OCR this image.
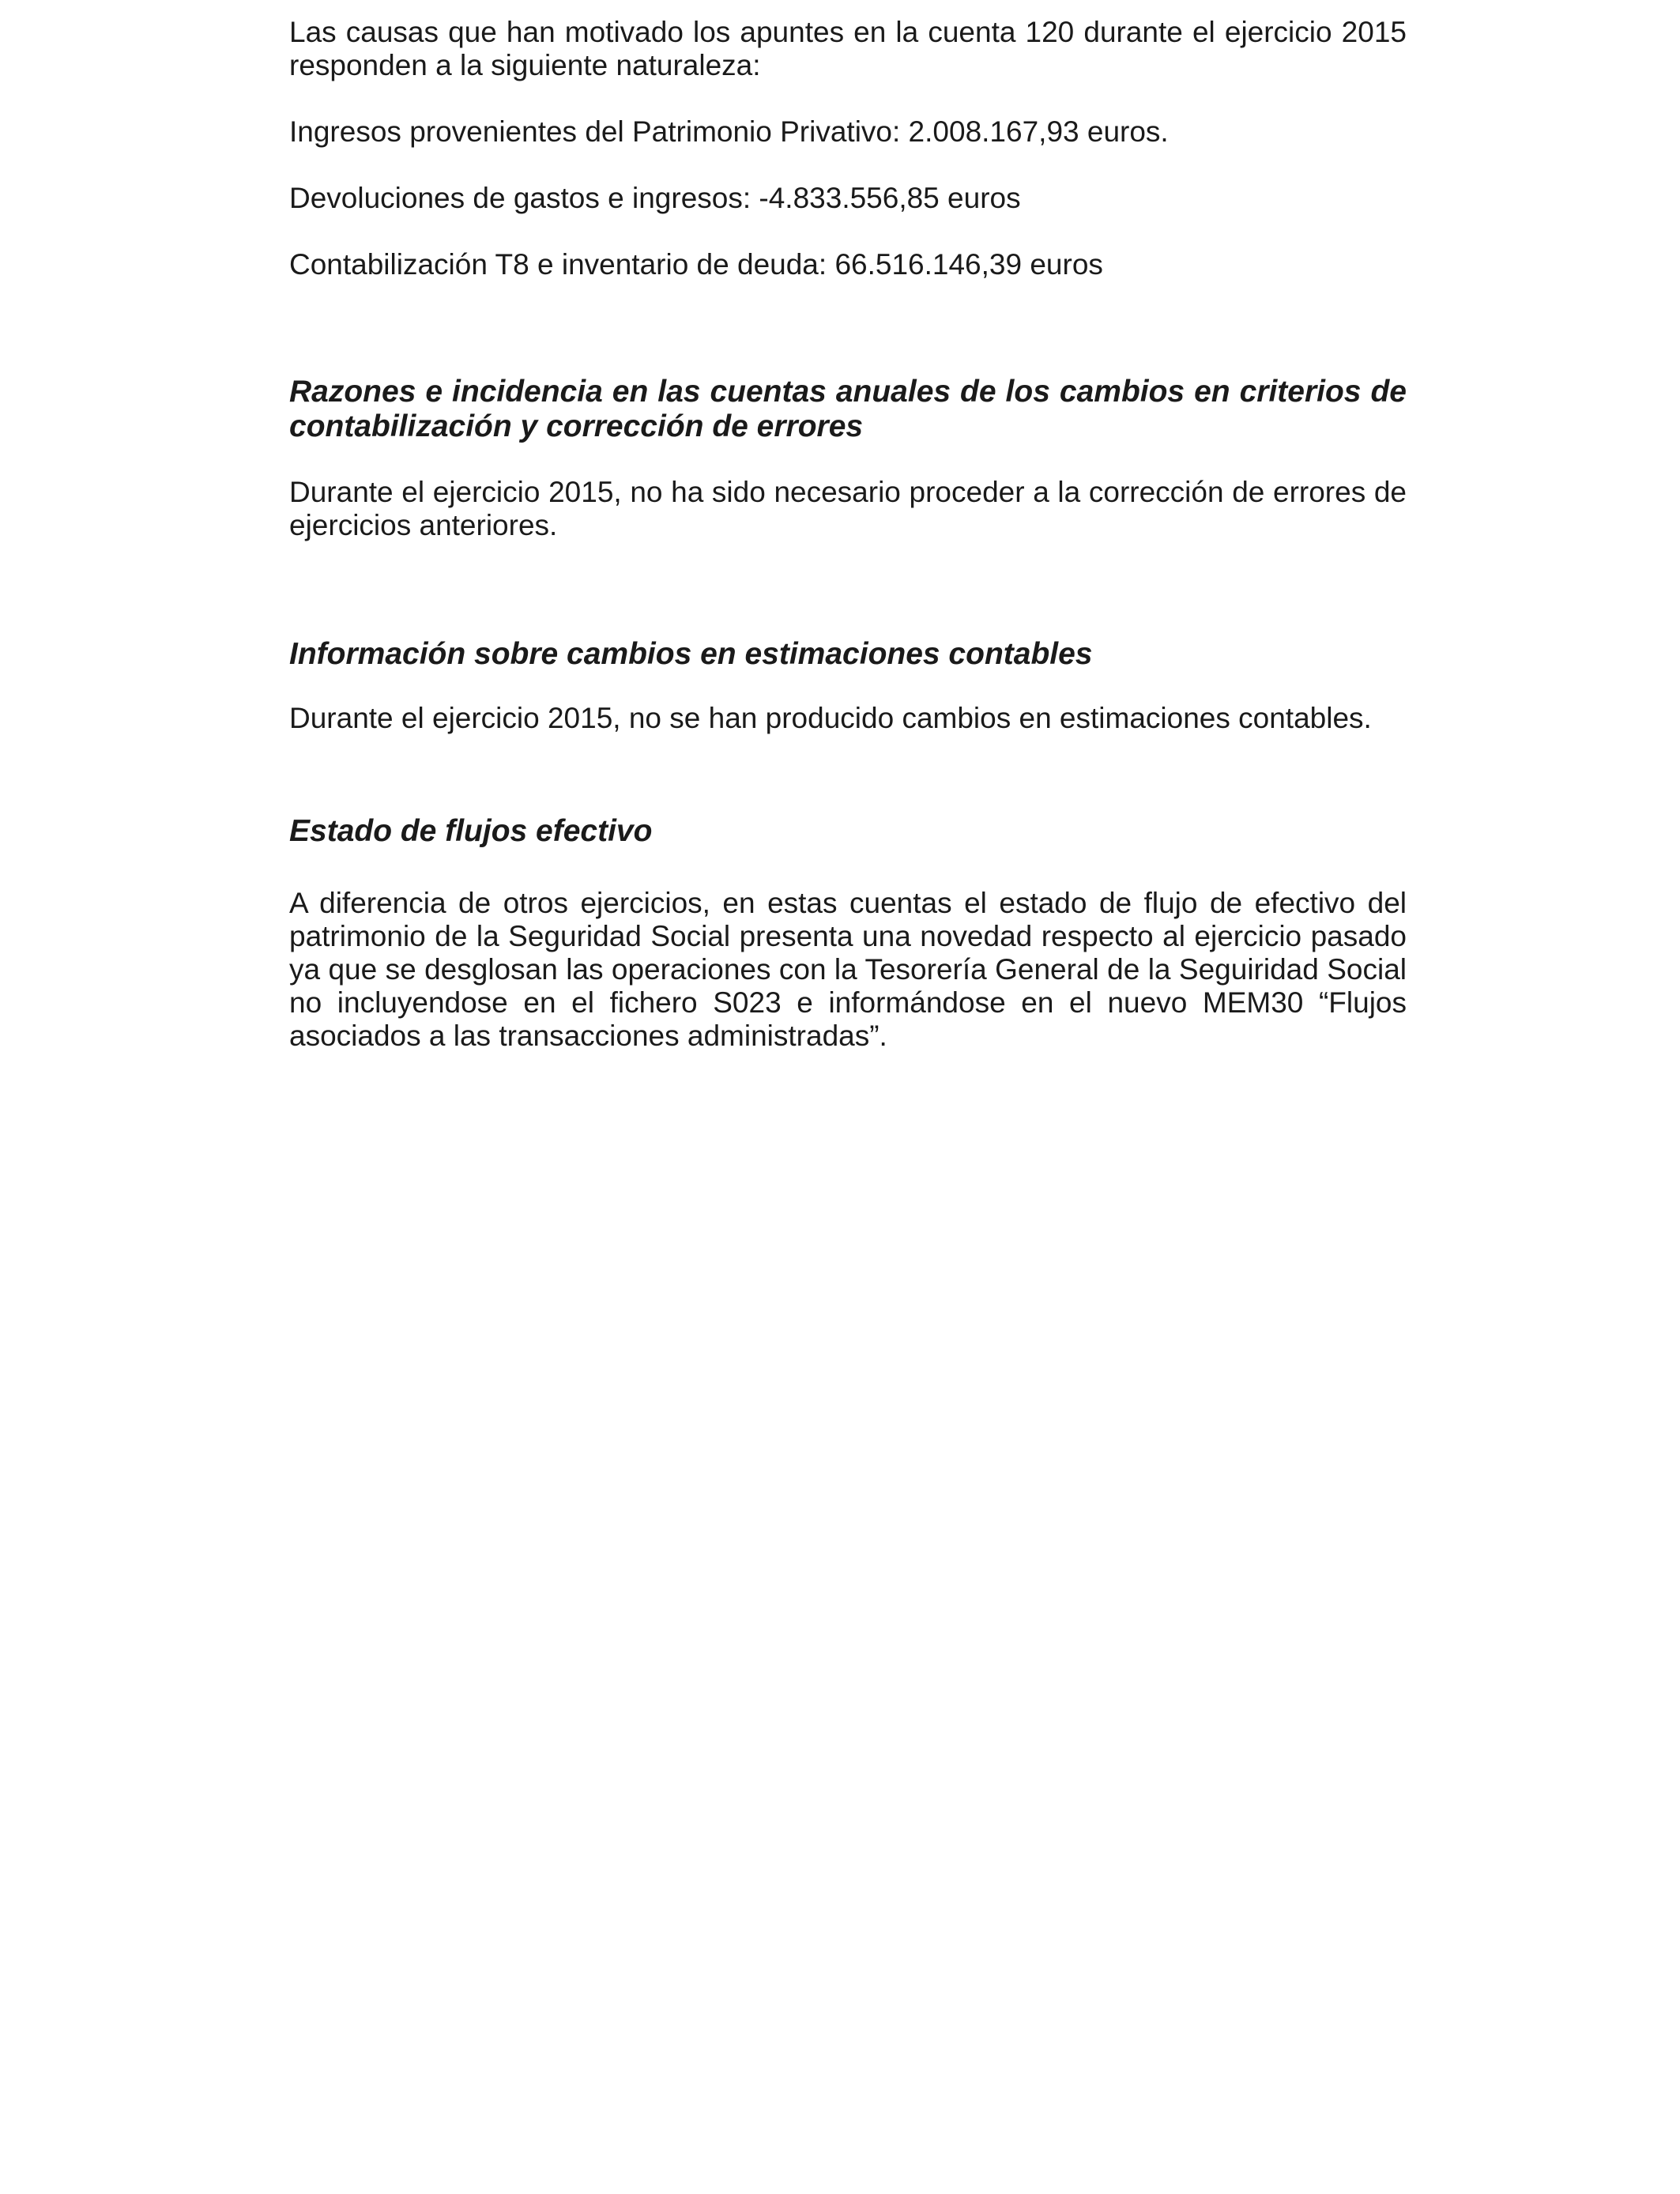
Las causas que han motivado los apuntes en la cuenta 120 durante el ejercicio 2015 responden a la siguiente naturaleza:

Ingresos provenientes del Patrimonio Privativo: 2.008.167,93 euros.

Devoluciones de gastos e ingresos: -4.833.556,85 euros

Contabilización T8 e inventario de deuda: 66.516.146,39 euros

Razones e incidencia en las cuentas anuales de los cambios en criterios de contabilización y corrección de errores

Durante el ejercicio 2015, no ha sido necesario proceder a la corrección de errores de ejercicios anteriores.

Información sobre cambios en estimaciones contables

Durante el ejercicio 2015, no se han producido cambios en estimaciones contables.

Estado de flujos efectivo

A diferencia de otros ejercicios, en estas cuentas el estado de flujo de efectivo del patrimonio de la Seguridad Social presenta una novedad respecto al ejercicio pasado ya que se desglosan las operaciones con la Tesorería General de la Seguiridad Social no incluyendose en el fichero S023 e informándose en el nuevo MEM30 “Flujos asociados a las transacciones administradas”.
